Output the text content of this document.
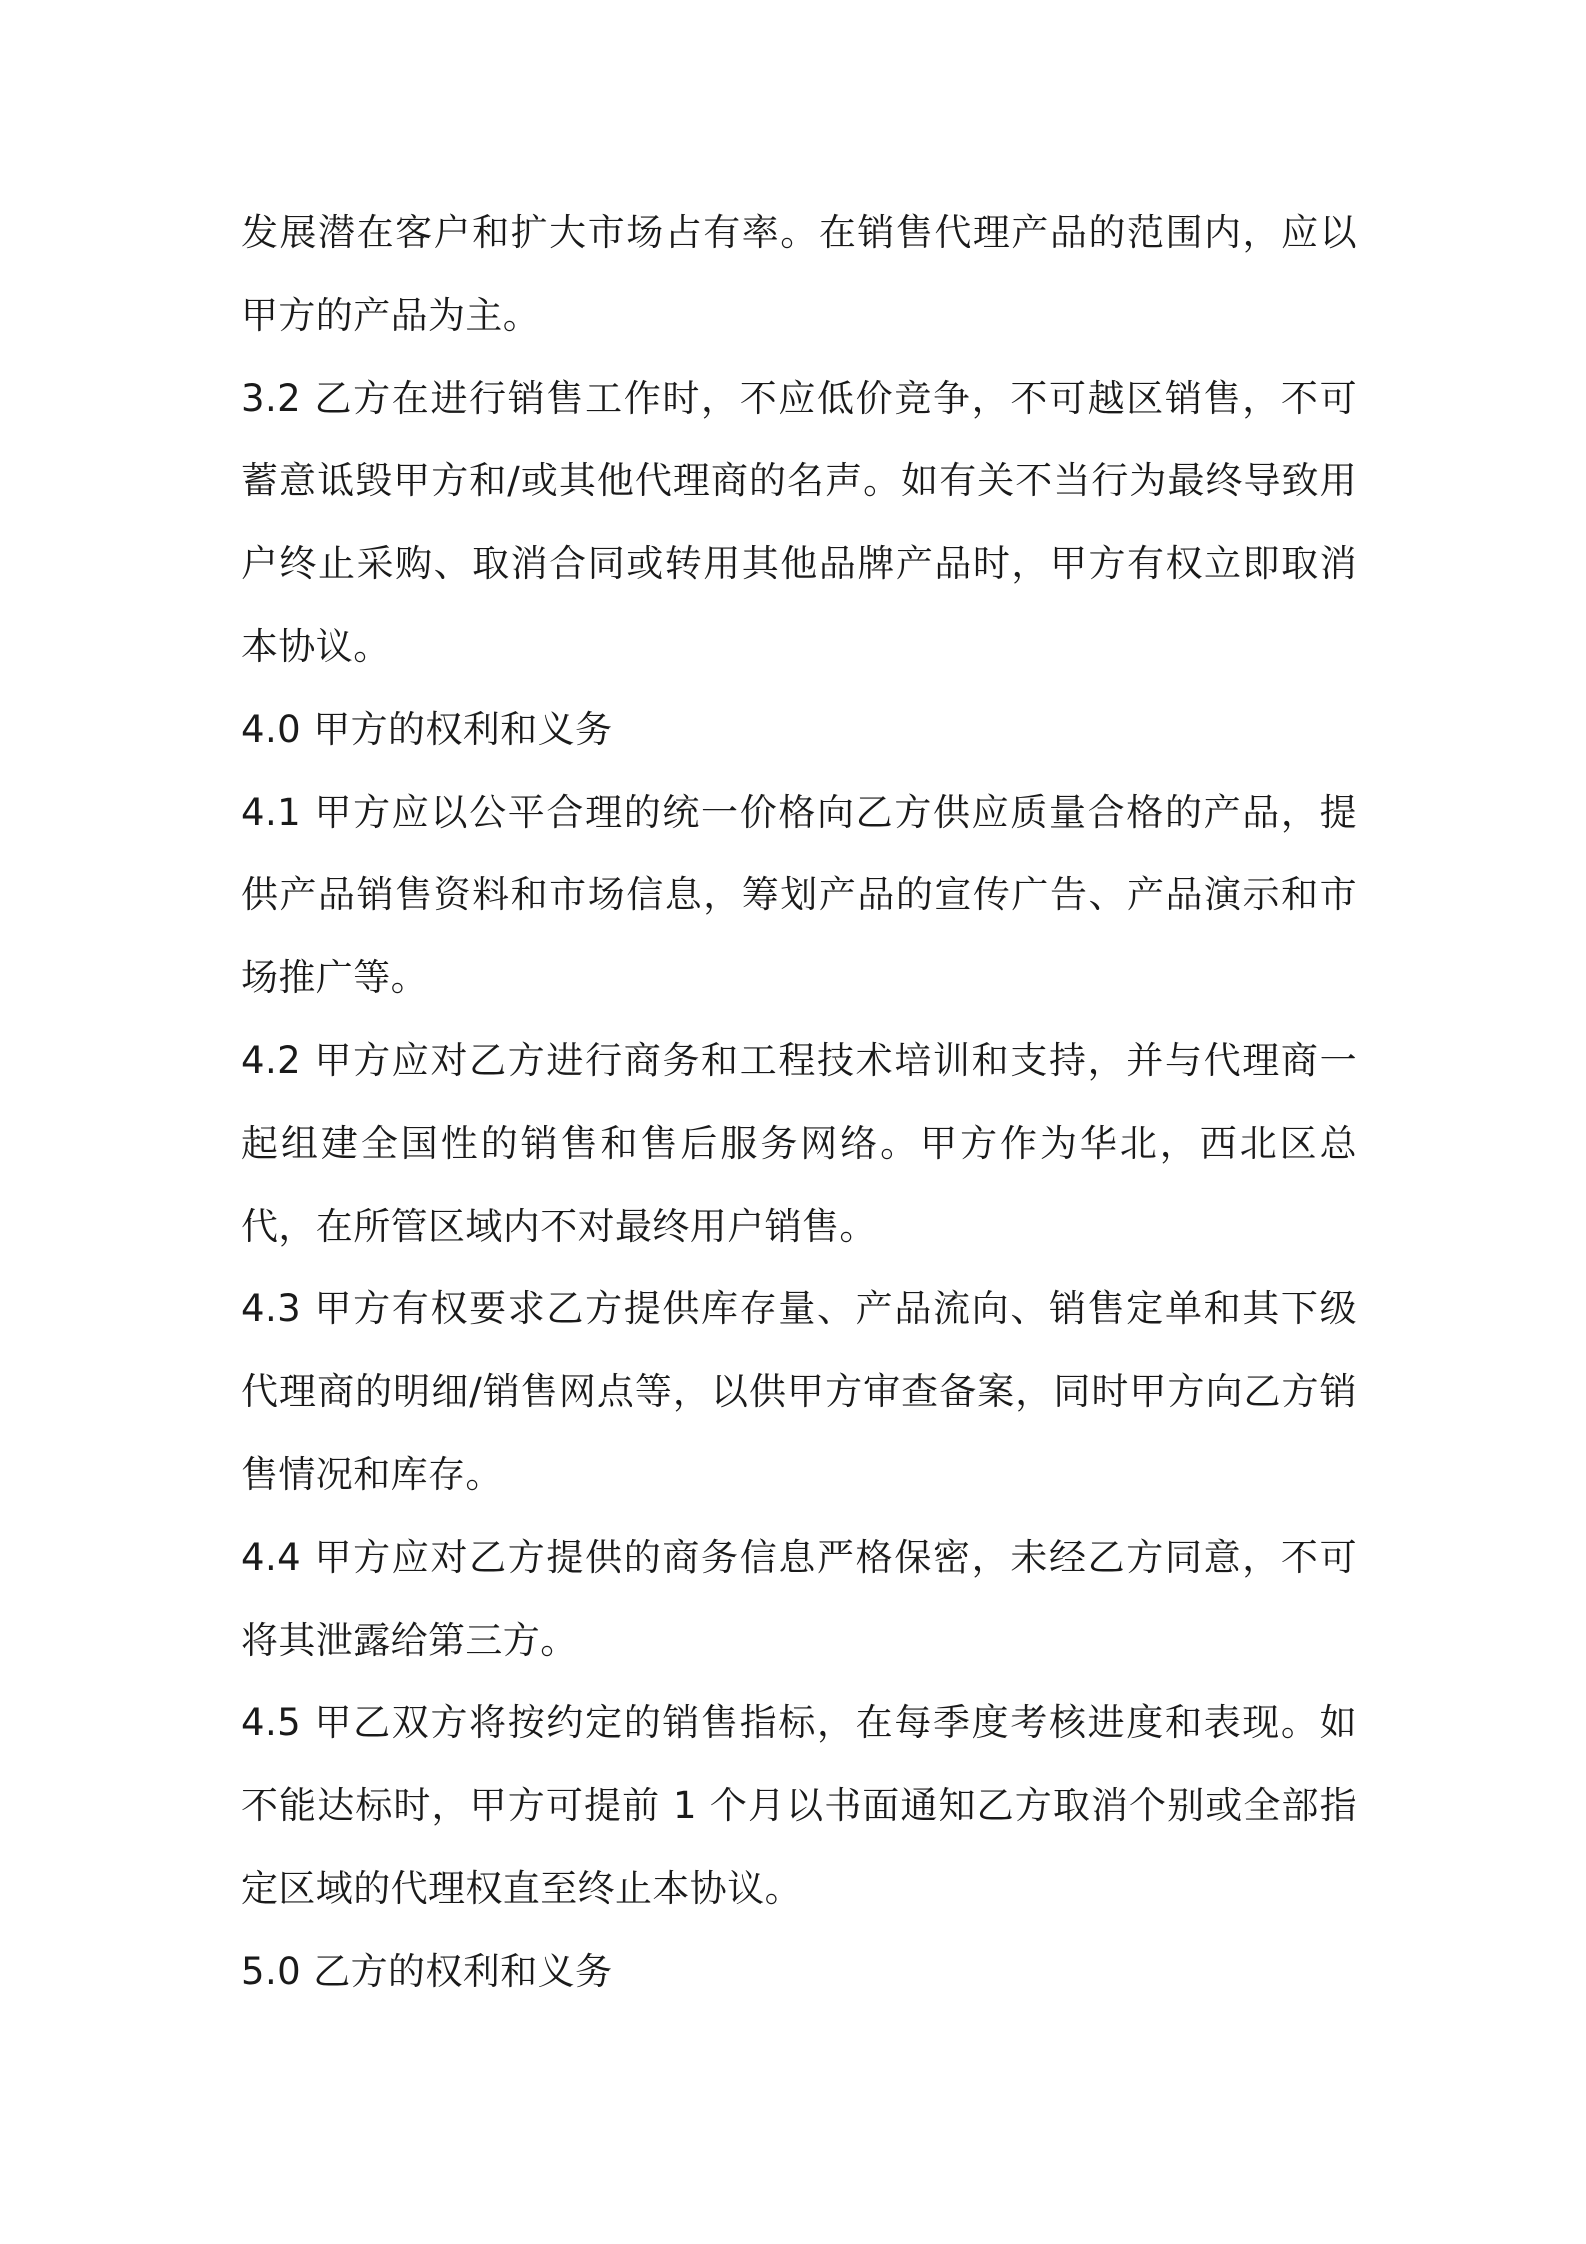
发展潜在客户和扩大市场占有率。在销售代理产品的范围内，应以甲方的产品为主。

3.2 乙方在进行销售工作时，不应低价竞争，不可越区销售，不可蓄意诋毁甲方和/或其他代理商的名声。如有关不当行为最终导致用户终止采购、取消合同或转用其他品牌产品时，甲方有权立即取消本协议。

4.0 甲方的权利和义务

4.1 甲方应以公平合理的统一价格向乙方供应质量合格的产品，提供产品销售资料和市场信息，筹划产品的宣传广告、产品演示和市场推广等。

4.2 甲方应对乙方进行商务和工程技术培训和支持，并与代理商一起组建全国性的销售和售后服务网络。甲方作为华北，西北区总代，在所管区域内不对最终用户销售。

4.3 甲方有权要求乙方提供库存量、产品流向、销售定单和其下级代理商的明细/销售网点等，以供甲方审查备案，同时甲方向乙方销售情况和库存。

4.4 甲方应对乙方提供的商务信息严格保密，未经乙方同意，不可将其泄露给第三方。

4.5 甲乙双方将按约定的销售指标，在每季度考核进度和表现。如不能达标时，甲方可提前 1 个月以书面通知乙方取消个别或全部指定区域的代理权直至终止本协议。

5.0 乙方的权利和义务
